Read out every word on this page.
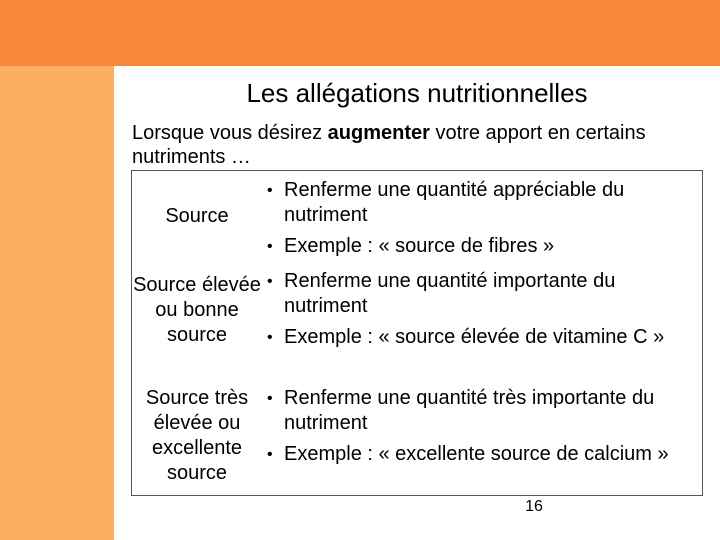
Les allégations nutritionnelles
Lorsque vous désirez augmenter votre apport en certains nutriments …
Source
• Renferme une quantité appréciable du nutriment
• Exemple : « source de fibres »
Source élevée ou bonne source
• Renferme une quantité importante du nutriment
• Exemple : « source élevée de vitamine C »
Source très élevée ou excellente source
• Renferme une quantité très importante du nutriment
• Exemple : « excellente source de calcium »
16
